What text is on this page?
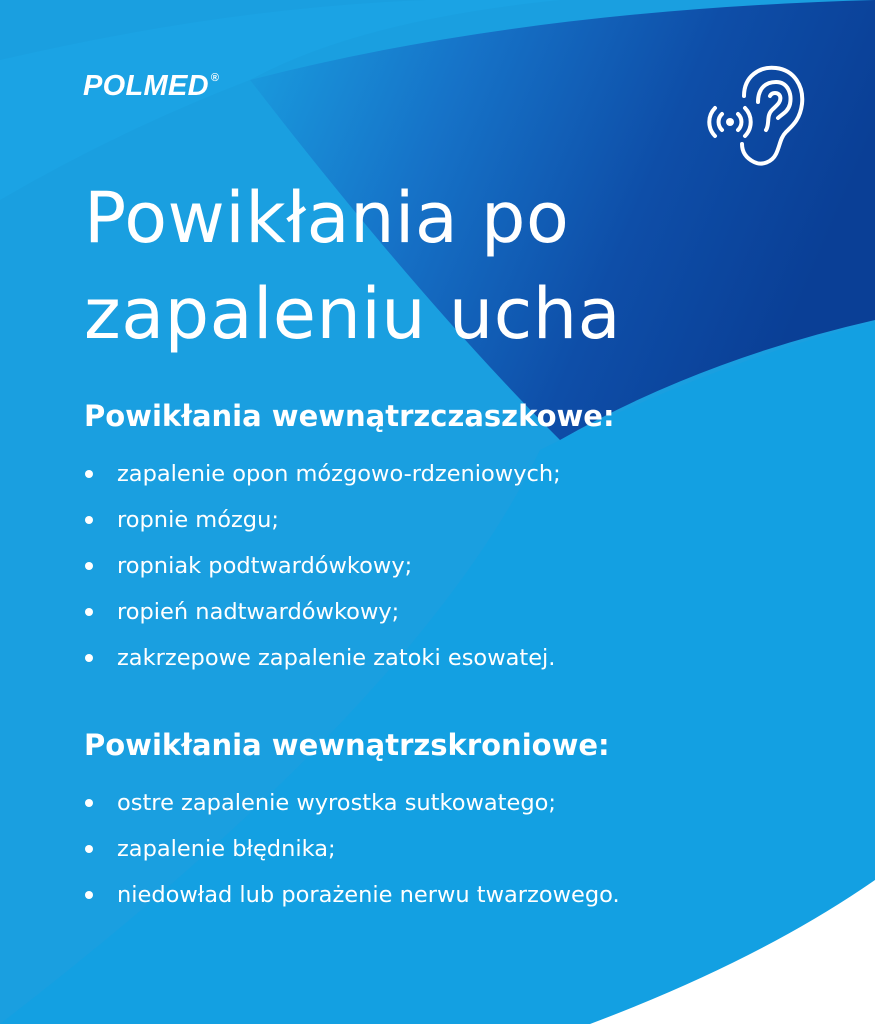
POLMED ®
Powikłania po
zapaleniu ucha
Powikłania wewnątrzczaszkowe:
zapalenie opon mózgowo-rdzeniowych;
ropnie mózgu;
ropniak podtwardówkowy;
ropień nadtwardówkowy;
zakrzepowe zapalenie zatoki esowatej.
Powikłania wewnątrzskroniowe:
ostre zapalenie wyrostka sutkowatego;
zapalenie błędnika;
niedowład lub porażenie nerwu twarzowego.
